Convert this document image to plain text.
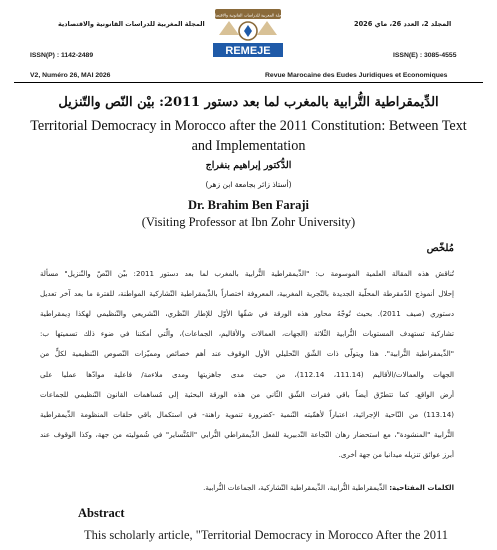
المجلة المغربية للدراسات القانونية والاقتصادية	المجلد 2، العدد 26، ماي 2026
ISSN(P) : 1142-2489	ISSN(E) : 3085-4555
V2, Numéro 26, MAI 2026	Revue Marocaine des Eudes Juridiques et Economiques
المجلة المغربية للدراسات القانونية والاقتصادية
REMEJE
الدِّيمقراطية التُّرابية بالمغرب لما بعد دستور 2011: بيْن النّص والتّنزيل
Territorial Democracy in Morocco after the 2011 Constitution: Between Text and Implementation
الدُّكتور إبراهيم بنفراج
(أستاذ زائر بجامعة ابن زهر)
Dr. Brahim Ben Faraji
(Visiting Professor at Ibn Zohr University)
مُلخّص
تُناقش هذه المقالة العلمية الموسومة ب: "الدِّيمقراطية التُّرابية بالمغرب لما بعد دستور 2011: بيْن النّصّ والتّنزيل" مسألة
إحلال أنموذج الدّمقرطة المحلّية الجديدة بالتّجربة المغربية، المعروفة اختصاراً بالدِّيمقراطية التّشاركية المواطنة، للفترة ما بعد آخر تعديل
دستوري (صيف 2011). بحيث تُوجّهُ محاور هذه الورقة في شقّها الأوّل للإطار النّظري، التّشريعي والتّنظيمي لهكذا دِيمقراطية
تشاركية تستهدف المستويات التُّرابية الثّلاثة (الجهات، العمالات والأقاليم، الجماعات)، والّتي أمكننا في ضوء ذلك تسميتها ب:
"الدِّيمقراطية التُّرابية". هذا ويتولّى ذات الشّق التّحليلي الأول الوقوف عند أهم خصائص ومميّزات النّصوص التّنظيمية لكلٍّ من
الجهات والعمالات/الأقاليم (111.14، 112.14)، من حيث مدى جاهزيتها ومدى ملاءمة/ فاعلية موادّها عمليا على
أرض الواقع. كما تتطرّق أيضاً باقي فقرات الشّق الثّاني من هذه الورقة البحثية إلى مُساهمات القانون التّنظيمي للجماعات
(113.14) من النّاحية الإجرائية، اعتباراً لأهمّيته التّنمية -كضرورة تنموية راهنة- في استكمال باقي حلقات المنظومة الدِّيمقراطية
التُّرابية "المنشودة"، مع استحضار رهان النّجاعة التّدبيرية للفعل الدِّيمقراطي التُّرابي "المُتَّساير" في شُموليته من جهة، وكذا الوقوف عند
أبرز عوائق تنزيله ميدانيا من جهة أخرى.
الكلمات المفتاحية: الدِّيمقراطية التُّرابية، الدِّيمقراطية التّشاركية، الجماعات التُّرابية.
Abstract
This scholarly article, "Territorial Democracy in Morocco After the 2011
